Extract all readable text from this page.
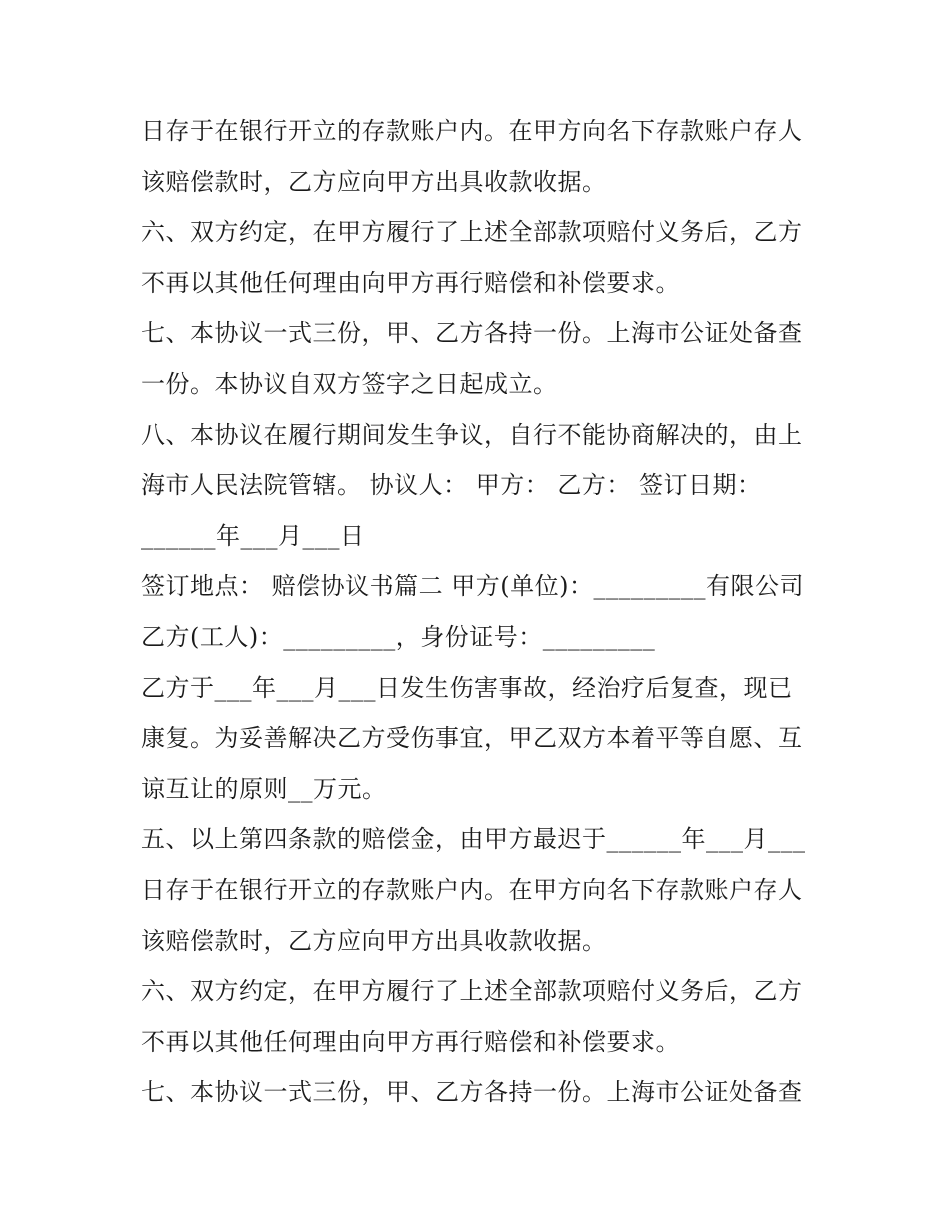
日存于在银行开立的存款账户内。在甲方向名下存款账户存人
该赔偿款时，乙方应向甲方出具收款收据。
六、双方约定，在甲方履行了上述全部款项赔付义务后，乙方
不再以其他任何理由向甲方再行赔偿和补偿要求。
七、本协议一式三份，甲、乙方各持一份。上海市公证处备查
一份。本协议自双方签字之日起成立。
八、本协议在履行期间发生争议，自行不能协商解决的，由上
海市人民法院管辖。 协议人： 甲方： 乙方： 签订日期：
______年___月___日
签订地点： 赔偿协议书篇二 甲方(单位)：_________有限公司
乙方(工人)：_________，身份证号：_________
乙方于___年___月___日发生伤害事故，经治疗后复查，现已
康复。为妥善解决乙方受伤事宜，甲乙双方本着平等自愿、互
谅互让的原则__万元。
五、以上第四条款的赔偿金，由甲方最迟于______年___月___
日存于在银行开立的存款账户内。在甲方向名下存款账户存人
该赔偿款时，乙方应向甲方出具收款收据。
六、双方约定，在甲方履行了上述全部款项赔付义务后，乙方
不再以其他任何理由向甲方再行赔偿和补偿要求。
七、本协议一式三份，甲、乙方各持一份。上海市公证处备查
